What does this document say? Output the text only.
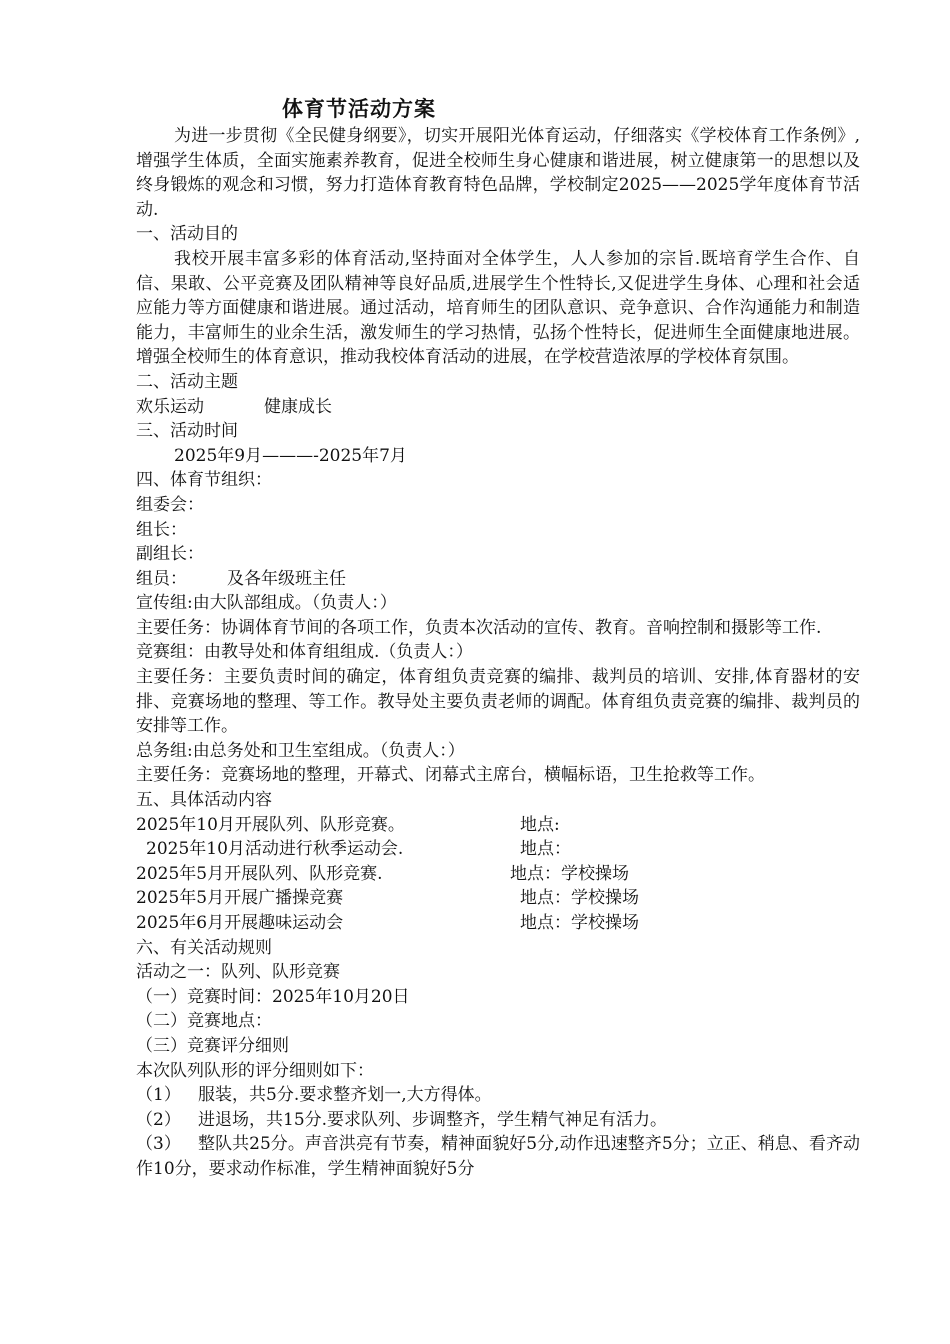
体育节活动方案

为进一步贯彻《全民健身纲要》，切实开展阳光体育运动，仔细落实《学校体育工作条例》,增强学生体质，全面实施素养教育，促进全校师生身心健康和谐进展，树立健康第一的思想以及终身锻炼的观念和习惯，努力打造体育教育特色品牌，学校制定2025——2025学年度体育节活动.

一、活动目的

我校开展丰富多彩的体育活动,坚持面对全体学生，人人参加的宗旨.既培育学生合作、自信、果敢、公平竞赛及团队精神等良好品质,进展学生个性特长,又促进学生身体、心理和社会适应能力等方面健康和谐进展。通过活动，培育师生的团队意识、竞争意识、合作沟通能力和制造能力，丰富师生的业余生活，激发师生的学习热情，弘扬个性特长，促进师生全面健康地进展。增强全校师生的体育意识，推动我校体育活动的进展，在学校营造浓厚的学校体育氛围。

二、活动主题

欢乐运动	健康成长

三、活动时间

2025年9月———-2025年7月

四、体育节组织：

组委会：

组长：

副组长：

组员： 及各年级班主任

宣传组:由大队部组成。（负责人：）

主要任务：协调体育节间的各项工作，负责本次活动的宣传、教育。音响控制和摄影等工作.

竞赛组：由教导处和体育组组成.（负责人：）

主要任务：主要负责时间的确定，体育组负责竞赛的编排、裁判员的培训、安排,体育器材的安排、竞赛场地的整理、等工作。教导处主要负责老师的调配。体育组负责竞赛的编排、裁判员的安排等工作。

总务组:由总务处和卫生室组成。（负责人：）

主要任务：竞赛场地的整理，开幕式、闭幕式主席台，横幅标语，卫生抢救等工作。

五、具体活动内容

2025年10月开展队列、队形竞赛。	地点:
2025年10月活动进行秋季运动会.	地点：
2025年5月开展队列、队形竞赛.	地点：学校操场
2025年5月开展广播操竞赛	地点：学校操场
2025年6月开展趣味运动会	地点：学校操场

六、有关活动规则

活动之一：队列、队形竞赛

（一）竞赛时间：2025年10月20日

（二）竞赛地点：

（三）竞赛评分细则

本次队列队形的评分细则如下：

（1） 服装，共5分.要求整齐划一,大方得体。

（2） 进退场，共15分.要求队列、步调整齐，学生精气神足有活力。

（3） 整队共25分。声音洪亮有节奏，精神面貌好5分,动作迅速整齐5分；立正、稍息、看齐动作10分，要求动作标准，学生精神面貌好5分
